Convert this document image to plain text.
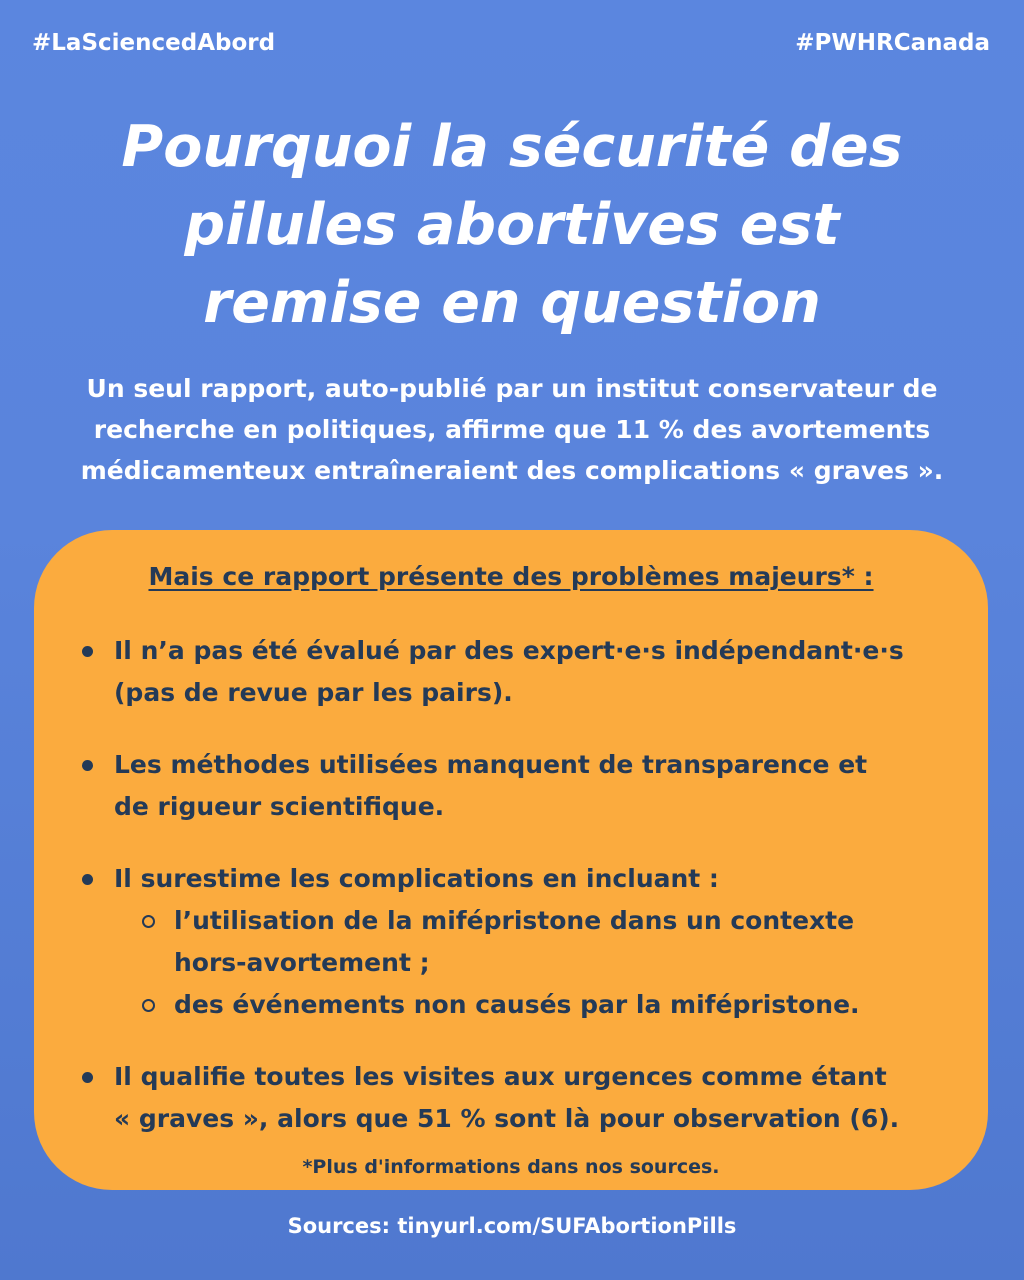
#LaSciencedAbord	#PWHRCanada
Pourquoi la sécurité des
pilules abortives est
remise en question

Un seul rapport, auto-publié par un institut conservateur de
recherche en politiques, affirme que 11 % des avortements
médicamenteux entraîneraient des complications « graves ».

Mais ce rapport présente des problèmes majeurs* :
Il n’a pas été évalué par des expert·e·s indépendant·e·s
(pas de revue par les pairs).
Les méthodes utilisées manquent de transparence et
de rigueur scientifique.
Il surestime les complications en incluant :
l’utilisation de la mifépristone dans un contexte
hors-avortement ;
des événements non causés par la mifépristone.
Il qualifie toutes les visites aux urgences comme étant
« graves », alors que 51 % sont là pour observation (6).
*Plus d'informations dans nos sources.
Sources: tinyurl.com/SUFAbortionPills
